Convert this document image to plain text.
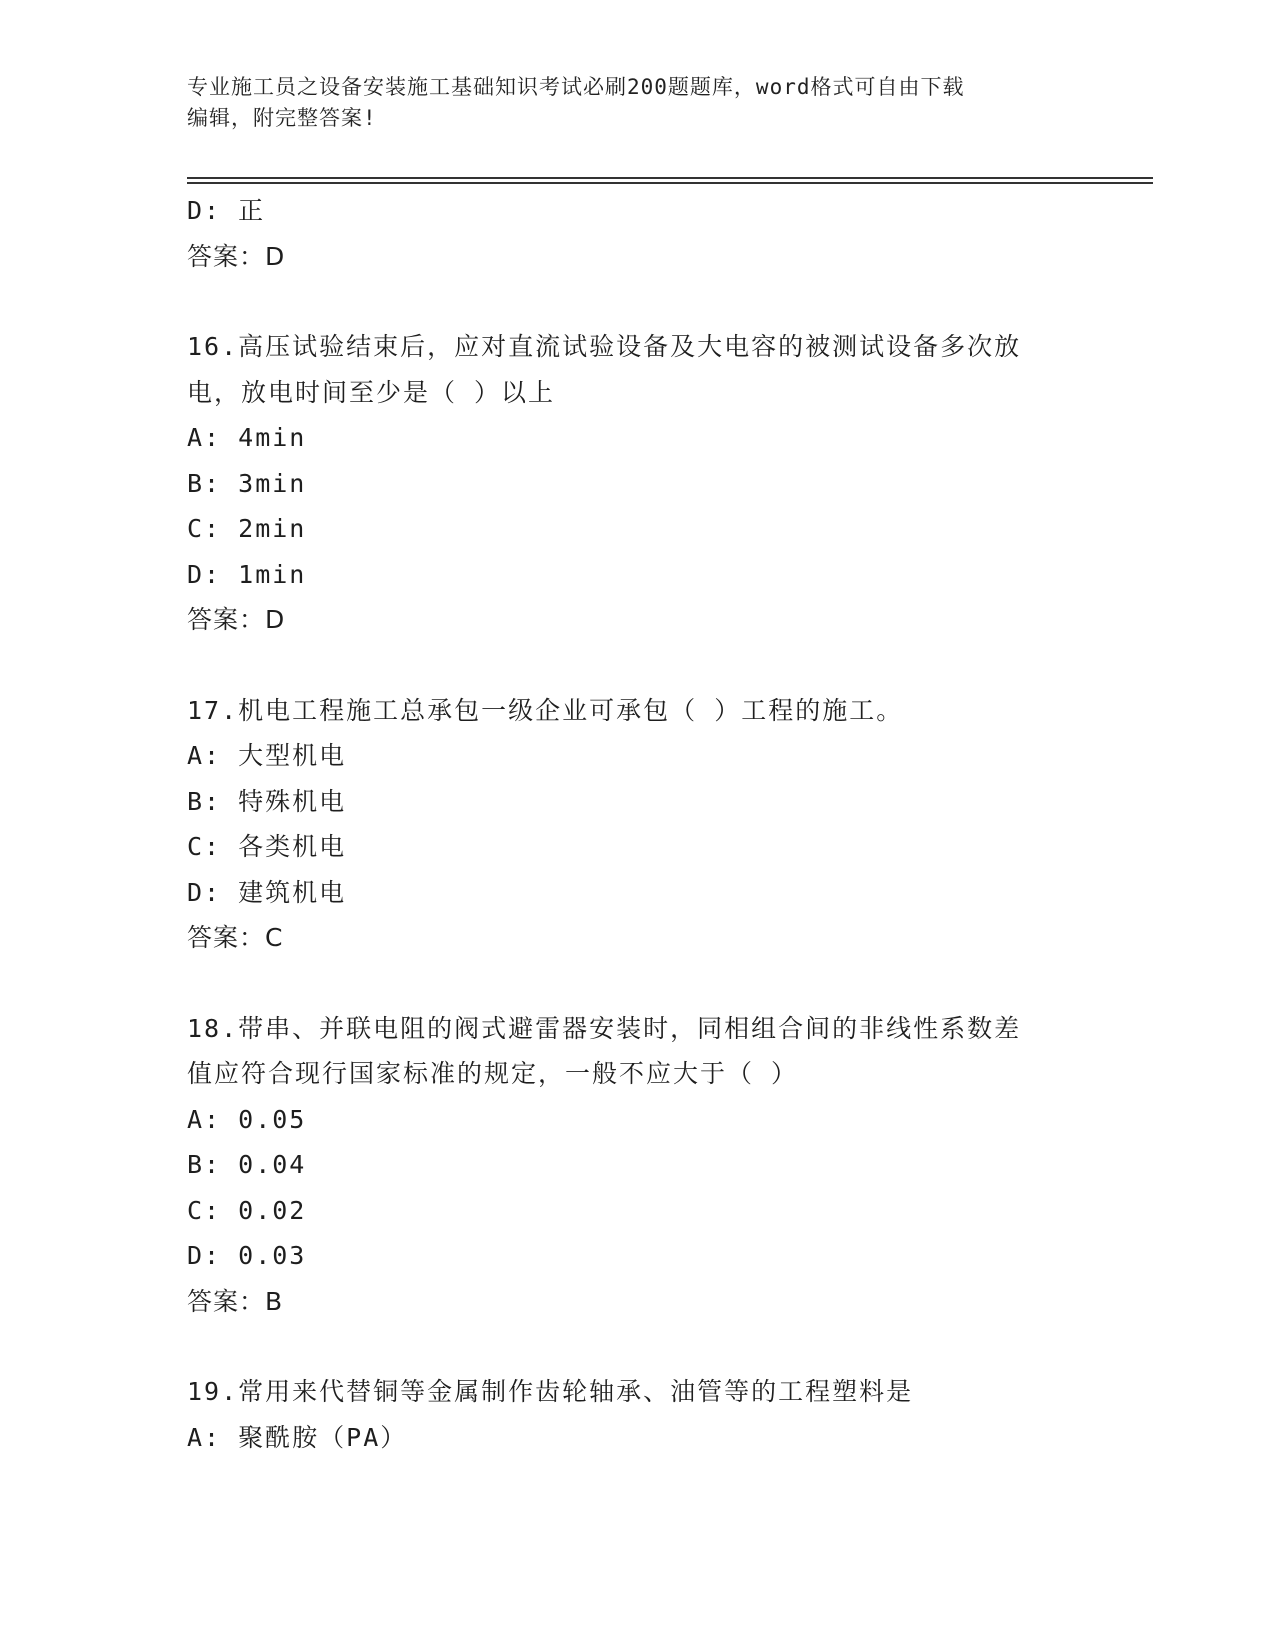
专业施工员之设备安装施工基础知识考试必刷200题题库，word格式可自由下载
编辑，附完整答案!
D: 正
答案：D
16.高压试验结束后，应对直流试验设备及大电容的被测试设备多次放
电，放电时间至少是（ ）以上
A: 4min
B: 3min
C: 2min
D: 1min
答案：D
17.机电工程施工总承包一级企业可承包（ ）工程的施工。
A: 大型机电
B: 特殊机电
C: 各类机电
D: 建筑机电
答案：C
18.带串、并联电阻的阀式避雷器安装时，同相组合间的非线性系数差
值应符合现行国家标准的规定，一般不应大于（ ）
A: 0.05
B: 0.04
C: 0.02
D: 0.03
答案：B
19.常用来代替铜等金属制作齿轮轴承、油管等的工程塑料是
A: 聚酰胺（PA）
